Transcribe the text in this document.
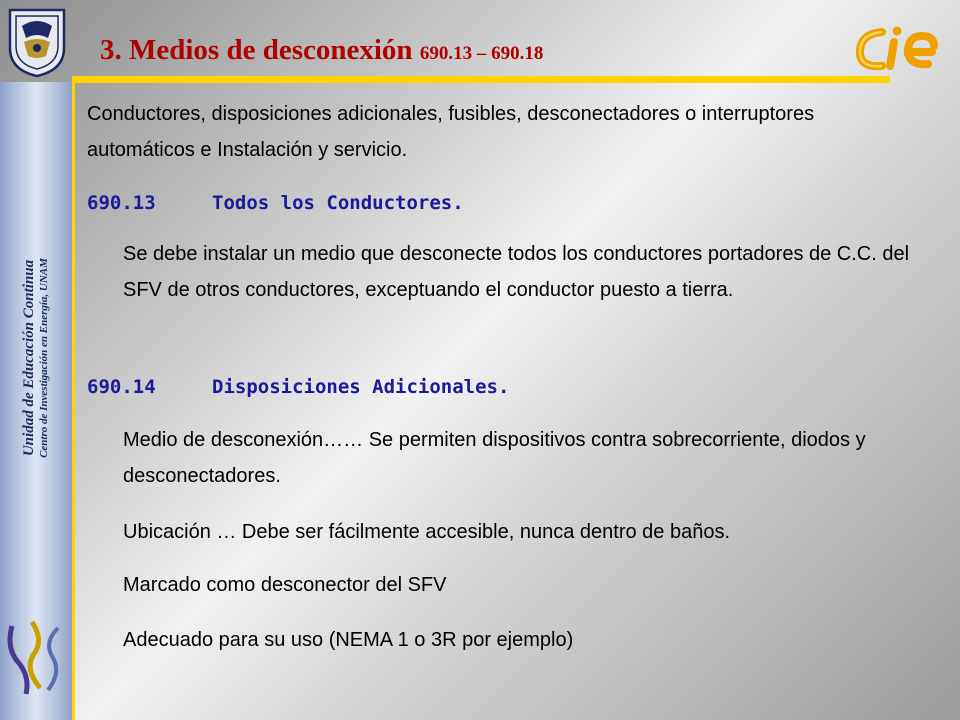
Unidad de Educación Continua Centro de Investigación en Energía, UNAM
3. Medios de desconexión 690.13 – 690.18

Conductores, disposiciones adicionales, fusibles, desconectadores o interruptores automáticos e Instalación y servicio.

690.13	Todos los Conductores.

Se debe instalar un medio que desconecte todos los conductores portadores de C.C. del SFV de otros conductores, exceptuando el conductor puesto a tierra.

690.14	Disposiciones Adicionales.

Medio de desconexión…… Se permiten dispositivos contra sobrecorriente, diodos y desconectadores.

Ubicación … Debe ser fácilmente accesible, nunca dentro de baños.

Marcado como desconector del SFV

Adecuado para su uso (NEMA 1 o 3R por ejemplo)
